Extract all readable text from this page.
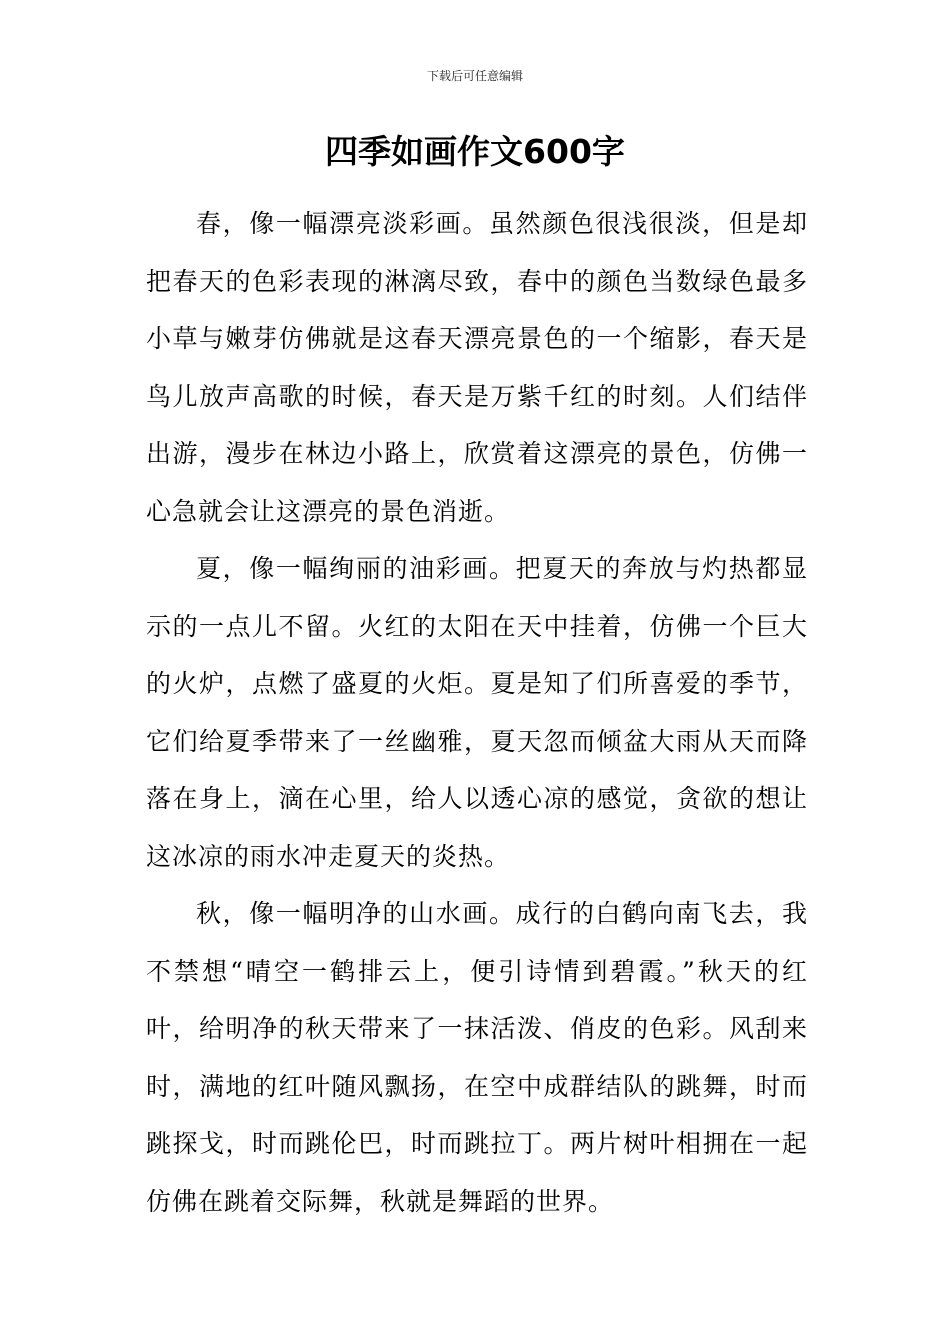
下载后可任意编辑
四季如画作文600字

春，像一幅漂亮淡彩画。虽然颜色很浅很淡，但是却把春天的色彩表现的淋漓尽致，春中的颜色当数绿色最多小草与嫩芽仿佛就是这春天漂亮景色的一个缩影，春天是鸟儿放声高歌的时候，春天是万紫千红的时刻。人们结伴出游，漫步在林边小路上，欣赏着这漂亮的景色，仿佛一心急就会让这漂亮的景色消逝。

夏，像一幅绚丽的油彩画。把夏天的奔放与灼热都显示的一点儿不留。火红的太阳在天中挂着，仿佛一个巨大的火炉，点燃了盛夏的火炬。夏是知了们所喜爱的季节，它们给夏季带来了一丝幽雅，夏天忽而倾盆大雨从天而降落在身上，滴在心里，给人以透心凉的感觉，贪欲的想让这冰凉的雨水冲走夏天的炎热。

秋，像一幅明净的山水画。成行的白鹤向南飞去，我不禁想“晴空一鹤排云上，便引诗情到碧霞。”秋天的红叶，给明净的秋天带来了一抹活泼、俏皮的色彩。风刮来时，满地的红叶随风飘扬，在空中成群结队的跳舞，时而跳探戈，时而跳伦巴，时而跳拉丁。两片树叶相拥在一起仿佛在跳着交际舞，秋就是舞蹈的世界。
